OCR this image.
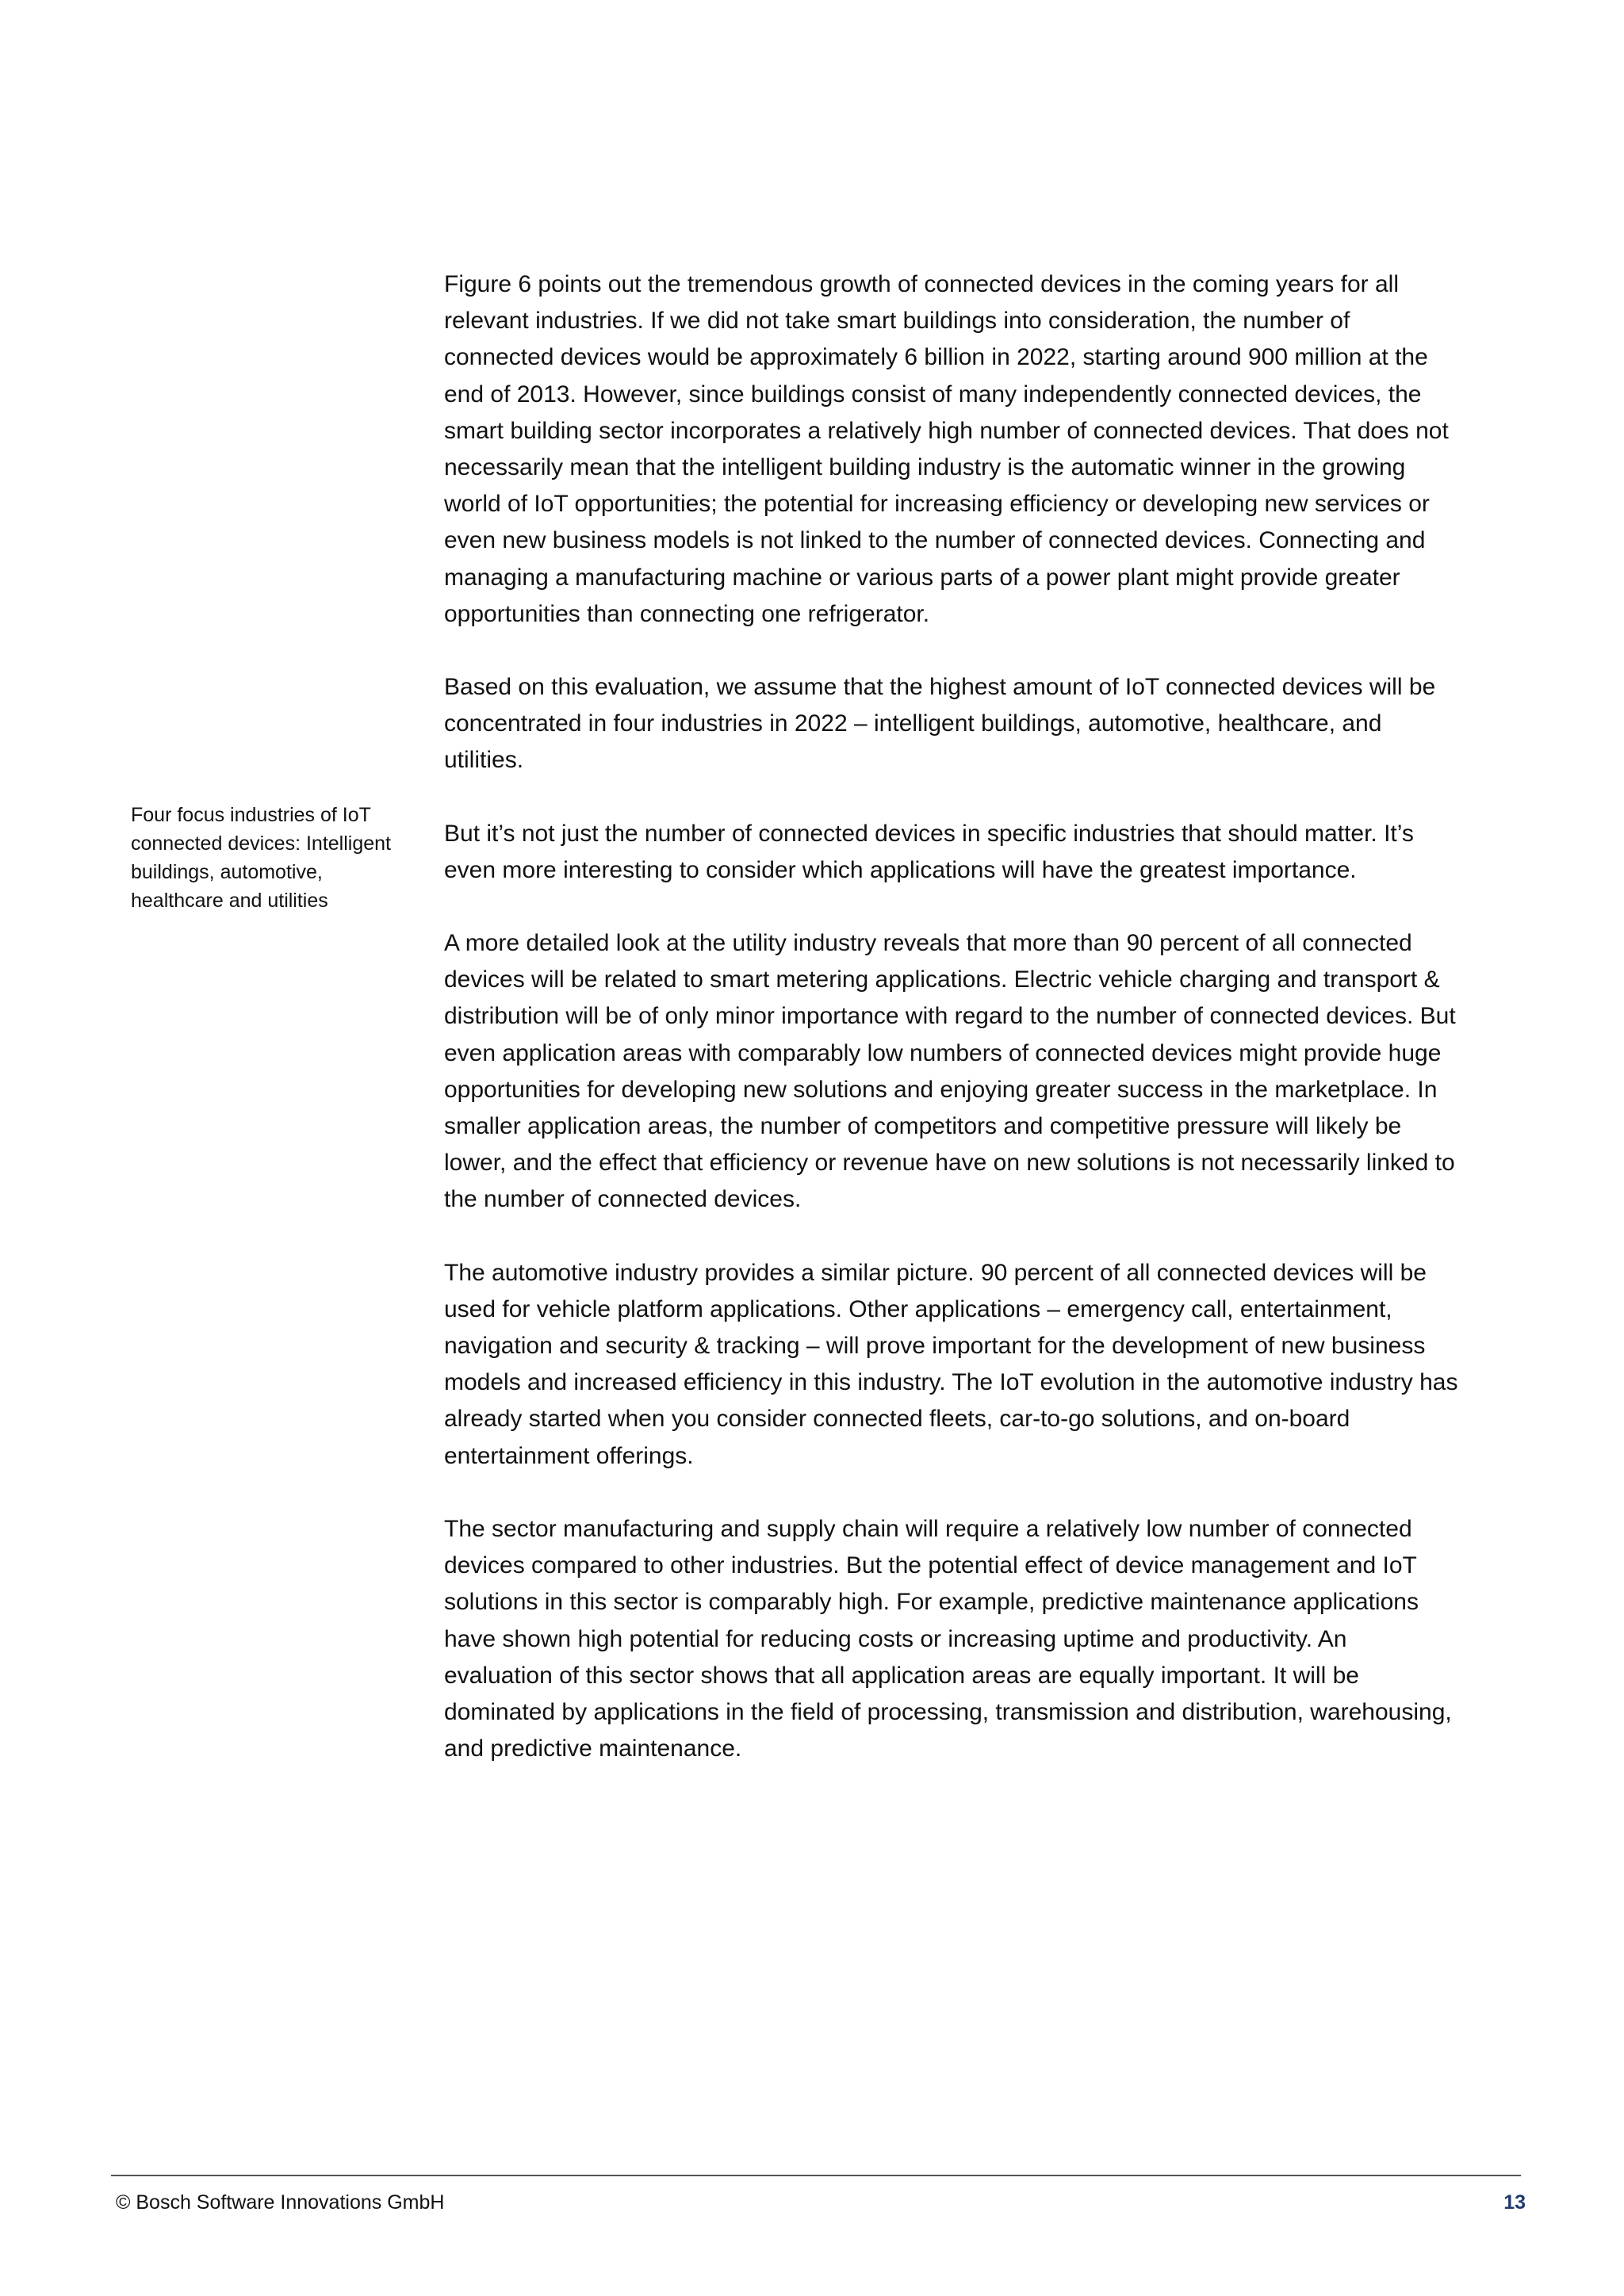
Four focus industries of IoT connected devices: Intelligent buildings, automotive, healthcare and utilities

Figure 6 points out the tremendous growth of connected devices in the coming years for all relevant industries. If we did not take smart buildings into consideration, the number of connected devices would be approximately 6 billion in 2022, starting around 900 million at the end of 2013. However, since buildings consist of many independently connected devices, the smart building sector incorporates a relatively high number of connected devices. That does not necessarily mean that the intelligent building industry is the automatic winner in the growing world of IoT opportunities; the potential for increasing efficiency or developing new services or even new business models is not linked to the number of connected devices. Connecting and managing a manufacturing machine or various parts of a power plant might provide greater opportunities than connecting one refrigerator.

Based on this evaluation, we assume that the highest amount of IoT connected devices will be concentrated in four industries in 2022 – intelligent buildings, automotive, healthcare, and utilities.

But it’s not just the number of connected devices in specific industries that should matter. It’s even more interesting to consider which applications will have the greatest importance.

A more detailed look at the utility industry reveals that more than 90 percent of all connected devices will be related to smart metering applications. Electric vehicle charging and transport & distribution will be of only minor importance with regard to the number of connected devices. But even application areas with comparably low numbers of connected devices might provide huge opportunities for developing new solutions and enjoying greater success in the marketplace. In smaller application areas, the number of competitors and competitive pressure will likely be lower, and the effect that efficiency or revenue have on new solutions is not necessarily linked to the number of connected devices.

The automotive industry provides a similar picture. 90 percent of all connected devices will be used for vehicle platform applications. Other applications – emergency call, entertainment, navigation and security & tracking – will prove important for the development of new business models and increased efficiency in this industry. The IoT evolution in the automotive industry has already started when you consider connected fleets, car-to-go solutions, and on-board entertainment offerings.

The sector manufacturing and supply chain will require a relatively low number of connected devices compared to other industries. But the potential effect of device management and IoT solutions in this sector is comparably high. For example, predictive maintenance applications have shown high potential for reducing costs or increasing uptime and productivity. An evaluation of this sector shows that all application areas are equally important. It will be dominated by applications in the field of processing, transmission and distribution, warehousing, and predictive maintenance.

© Bosch Software Innovations GmbH	13
